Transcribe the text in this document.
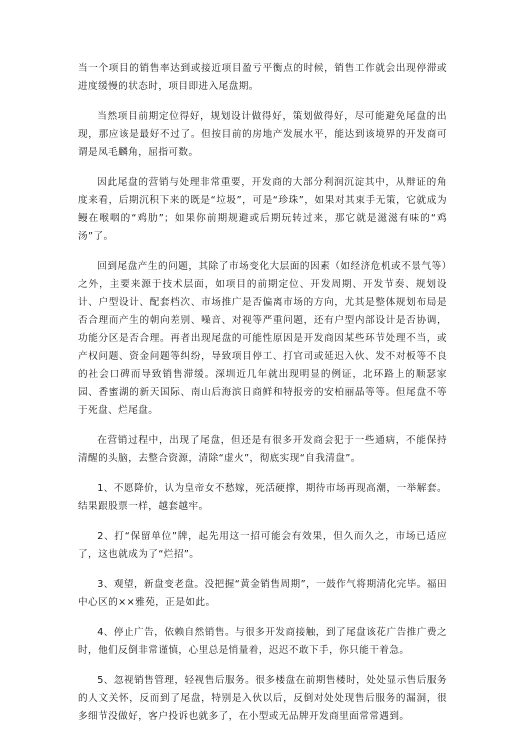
当一个项目的销售率达到或接近项目盈亏平衡点的时候，销售工作就会出现停滞或进度缓慢的状态时，项目即进入尾盘期。

当然项目前期定位得好，规划设计做得好，策划做得好，尽可能避免尾盘的出现，那应该是最好不过了。但按目前的房地产发展水平，能达到该境界的开发商可谓是凤毛麟角，屈指可数。

因此尾盘的营销与处理非常重要，开发商的大部分利润沉淀其中，从辩证的角度来看，后期沉积下来的既是“垃圾”，可是“珍珠”，如果对其束手无策，它就成为鳗在喉咽的“鸡肋”；如果你前期规避或后期玩转过来，那它就是滋滋有味的“鸡汤”了。

回到尾盘产生的问题，其除了市场变化大层面的因素（如经济危机或不景气等）之外，主要来源于技术层面，如项目的前期定位、开发周期、开发节奏、规划设计、户型设计、配套档次、市场推广是否偏离市场的方向，尤其是整体规划布局是否合理而产生的朝向差别、噪音、对视等严重问题，还有户型内部设计是否协调，功能分区是否合理。再者出现尾盘的可能性原因是开发商因某些环节处理不当，或产权问题、资金问题等纠纷，导致项目停工、打官司或延迟入伙、发不对板等不良的社会口碑而导致销售滞缓。深圳近几年就出现明显的例证，北环路上的顺瑟家园、香蜜湖的新天国际、南山后海滨日商鲜和特报旁的安柏丽晶等等。但尾盘不等于死盘、烂尾盘。

在营销过程中，出现了尾盘，但还是有很多开发商会犯于一些通病，不能保持清醒的头脑，去整合资源，清除“虚火”，彻底实现“自我清盘”。

1、不愿降价，认为皇帝女不愁嫁，死活硬撑，期待市场再现高潮，一举解套。结果跟股票一样，越套越牢。

2、打“保留单位”牌，起先用这一招可能会有效果，但久而久之，市场已适应了，这也就成为了“烂招”。

3、观望，新盘变老盘。没把握“黄金销售周期”，一鼓作气将期清化完毕。福田中心区的××雅苑，正是如此。

4、停止广告，依赖自然销售。与很多开发商接触，到了尾盘该花广告推广费之时，他们反倒非常谨慎，心里总是悄量着，迟迟不敢下手，你只能干着急。

5、忽视销售管理，轻视售后服务。很多楼盘在前期售楼时，处处显示售后服务的人文关怀，反而到了尾盘，特别是入伙以后，反倒对处处现售后服务的漏洞，很多细节没做好，客户投诉也就多了，在小型或无品牌开发商里面常常遇到。
